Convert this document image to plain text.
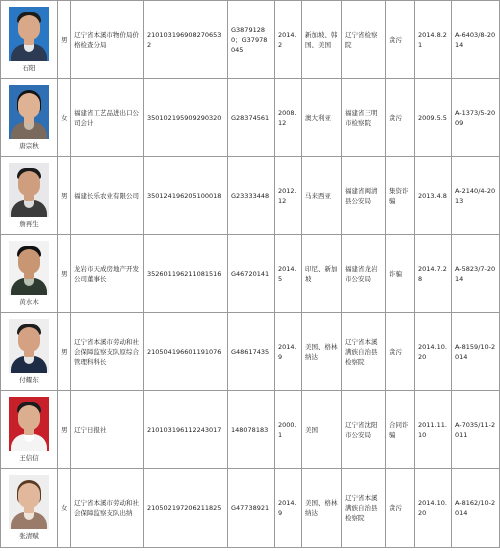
石阳	男	辽宁省本溪市物价局价格检查分局	2101031969082706532	G38791280；G37978045	2014.2	新加坡、韩国、美国	辽宁省检察院	贪污	2014.8.21	A-6403/8-2014

唐宗秋	女	福建省工艺品进出口公司会计	350102195909290320	G28374561	2008.12	澳大利亚	福建省三明市检察院	贪污	2009.5.5	A-1373/5-2009

詹再生	男	福建长乐农业有限公司	350124196205100018	G23333448	2012.12	马来西亚	福建省闽清县公安局	集资诈骗	2013.4.8	A-2140/4-2013

黄水木	男	龙岩市天成房地产开发公司董事长	352601196211081516	G46720141	2014.5	印尼、新加坡	福建省龙岩市公安局	诈骗	2014.7.28	A-5823/7-2014

付耀东	男	辽宁省本溪市劳动和社会保障监察支队原综合管理科科长	210504196601191076	G48617435	2014.9	美国、格林纳达	辽宁省本溪满族自治县检察院	贪污	2014.10.20	A-8159/10-2014

王信信	男	辽宁日报社	210103196112243017	148078183	2000.1	美国	辽宁省沈阳市公安局	合同诈骗	2011.11.10	A-7035/11-2011

张清赋	女	辽宁省本溪市劳动和社会保障监察支队出纳	210502197206211825	G47738921	2014.9	美国、格林纳达	辽宁省本溪满族自治县检察院	贪污	2014.10.20	A-8162/10-2014
